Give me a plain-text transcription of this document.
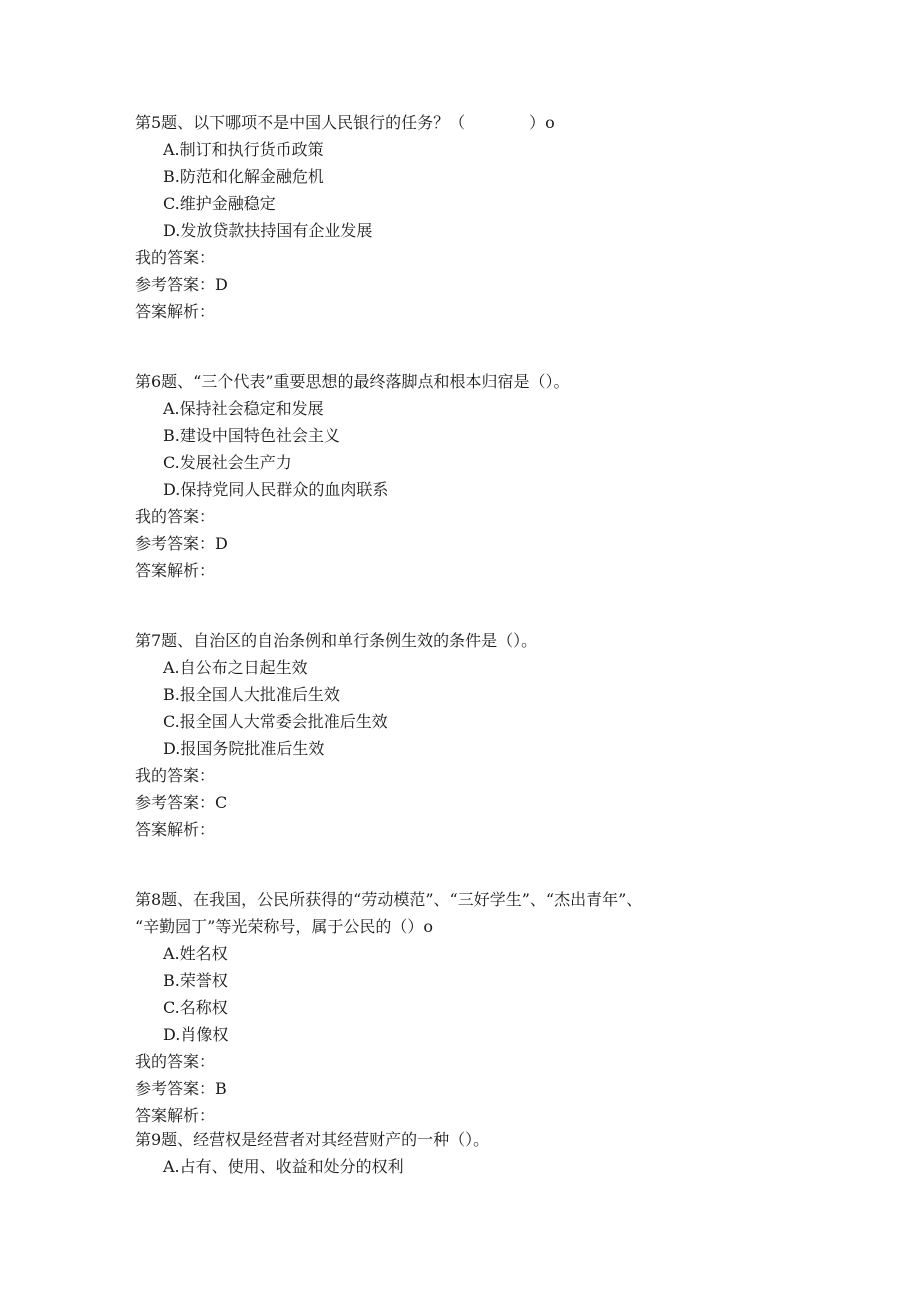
第5题、以下哪项不是中国人民银行的任务？（　　　　）o
A.制订和执行货币政策
B.防范和化解金融危机
C.维护金融稳定
D.发放贷款扶持国有企业发展
我的答案：
参考答案：D
答案解析：
第6题、“三个代表”重要思想的最终落脚点和根本归宿是（）。
A.保持社会稳定和发展
B.建设中国特色社会主义
C.发展社会生产力
D.保持党同人民群众的血肉联系
我的答案：
参考答案：D
答案解析：
第7题、自治区的自治条例和单行条例生效的条件是（）。
A.自公布之日起生效
B.报全国人大批准后生效
C.报全国人大常委会批准后生效
D.报国务院批准后生效
我的答案：
参考答案：C
答案解析：
第8题、在我国，公民所获得的“劳动模范”、“三好学生”、“杰出青年”、
“辛勤园丁”等光荣称号，属于公民的（）o
A.姓名权
B.荣誉权
C.名称权
D.肖像权
我的答案：
参考答案：B
答案解析：
第9题、经营权是经营者对其经营财产的一种（）。
A.占有、使用、收益和处分的权利
